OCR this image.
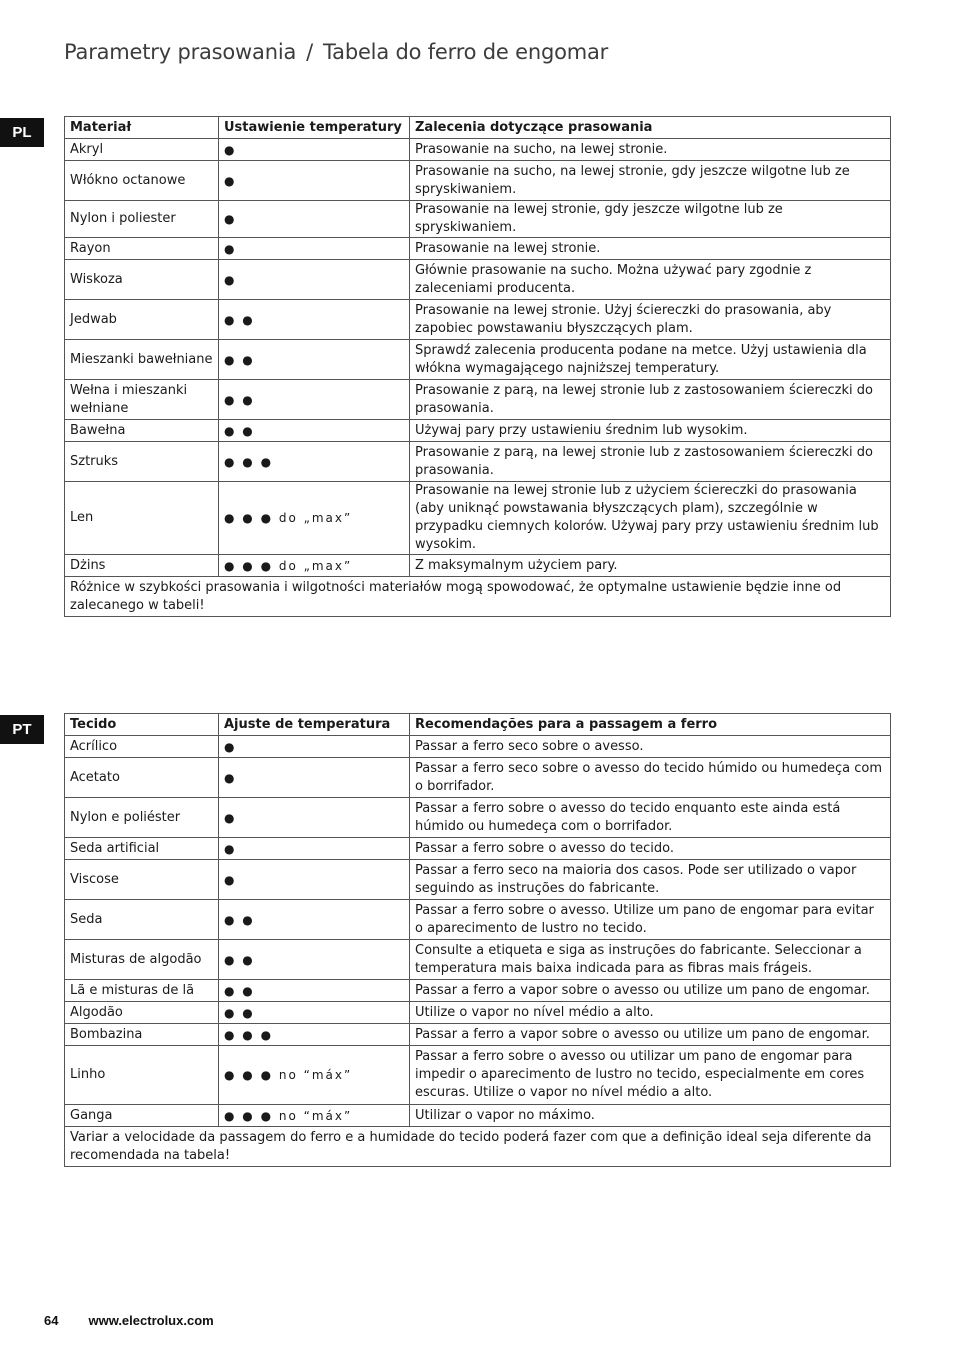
Parametry prasowania / Tabela do ferro de engomar
PL	Materiał	Ustawienie temperatury	Zalecenia dotyczące prasowania
Akryl	●	Prasowanie na sucho, na lewej stronie.
Włókno octanowe	●	Prasowanie na sucho, na lewej stronie, gdy jeszcze wilgotne lub ze spryskiwaniem.
Nylon i poliester	●	Prasowanie na lewej stronie, gdy jeszcze wilgotne lub ze spryskiwaniem.
Rayon	●	Prasowanie na lewej stronie.
Wiskoza	●	Głównie prasowanie na sucho. Można używać pary zgodnie z zaleceniami producenta.
Jedwab	● ●	Prasowanie na lewej stronie. Użyj ściereczki do prasowania, aby zapobiec powstawaniu błyszczących plam.
Mieszanki bawełniane	● ●	Sprawdź zalecenia producenta podane na metce. Użyj ustawienia dla włókna wymagającego najniższej temperatury.
Wełna i mieszanki wełniane	● ●	Prasowanie z parą, na lewej stronie lub z zastosowaniem ściereczki do prasowania.
Bawełna	● ●	Używaj pary przy ustawieniu średnim lub wysokim.
Sztruks	● ● ●	Prasowanie z parą, na lewej stronie lub z zastosowaniem ściereczki do prasowania.
Len	● ● ● do „max”	Prasowanie na lewej stronie lub z użyciem ściereczki do prasowania (aby uniknąć powstawania błyszczących plam), szczególnie w przypadku ciemnych kolorów. Używaj pary przy ustawieniu średnim lub wysokim.
Dżins	● ● ● do „max”	Z maksymalnym użyciem pary.
Różnice w szybkości prasowania i wilgotności materiałów mogą spowodować, że optymalne ustawienie będzie inne od zalecanego w tabeli!		
PT	Tecido	Ajuste de temperatura	Recomendações para a passagem a ferro
Acrílico	●	Passar a ferro seco sobre o avesso.
Acetato	●	Passar a ferro seco sobre o avesso do tecido húmido ou humedeça com o borrifador.
Nylon e poliéster	●	Passar a ferro sobre o avesso do tecido enquanto este ainda está húmido ou humedeça com o borrifador.
Seda artificial	●	Passar a ferro sobre o avesso do tecido.
Viscose	●	Passar a ferro seco na maioria dos casos. Pode ser utilizado o vapor seguindo as instruções do fabricante.
Seda	● ●	Passar a ferro sobre o avesso. Utilize um pano de engomar para evitar o aparecimento de lustro no tecido.
Misturas de algodão	● ●	Consulte a etiqueta e siga as instruções do fabricante. Seleccionar a temperatura mais baixa indicada para as fibras mais frágeis.
Lã e misturas de lã	● ●	Passar a ferro a vapor sobre o avesso ou utilize um pano de engomar.
Algodão	● ●	Utilize o vapor no nível médio a alto.
Bombazina	● ● ●	Passar a ferro a vapor sobre o avesso ou utilize um pano de engomar.
Linho	● ● ● no “máx”	Passar a ferro sobre o avesso ou utilizar um pano de engomar para impedir o aparecimento de lustro no tecido, especialmente em cores escuras. Utilize o vapor no nível médio a alto.
Ganga	● ● ● no “máx”	Utilizar o vapor no máximo.
Variar a velocidade da passagem do ferro e a humidade do tecido poderá fazer com que a definição ideal seja diferente da recomendada na tabela!		
64 www.electrolux.com
